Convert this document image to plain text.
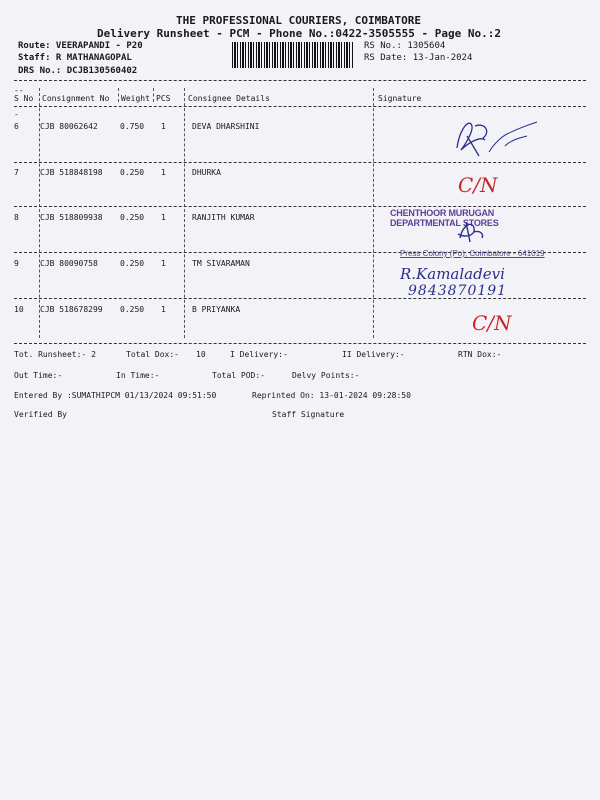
THE PROFESSIONAL COURIERS, COIMBATORE
Delivery Runsheet - PCM - Phone No.:0422-3505555 - Page No.:2
Route: VEERAPANDI - P20
Staff: R MATHANAGOPAL
DRS No.: DCJB130560402
RS No.: 1305604
RS Date: 13-Jan-2024
--
S No Consignment No Weight PCS Consignee Details	Signature
-
6	CJB 80062642	0.750 1	DEVA DHARSHINI
7	CJB 518848198 0.250 1	DHURKA
C/N
8	CJB 518809938 0.250 1	RANJITH KUMAR	CHENTHOOR MURUGAN DEPARTMENTAL STORES

Press Colony (Po), Coimbatore - 641019
9	CJB 80090758	0.250 1	TM SIVARAMAN
R.Kamaladevi
9843870191
10 CJB 518678299 0.250 1	B PRIYANKA
C/N
Tot. Runsheet:- 2	Total Dox:- 10	I Delivery:-	II Delivery:-	RTN Dox:-
Out Time:-	In Time:-	Total POD:-	Delvy Points:-
Entered By :SUMATHIPCM 01/13/2024 09:51:50	Reprinted On: 13-01-2024 09:28:50
Verified By	Staff Signature
